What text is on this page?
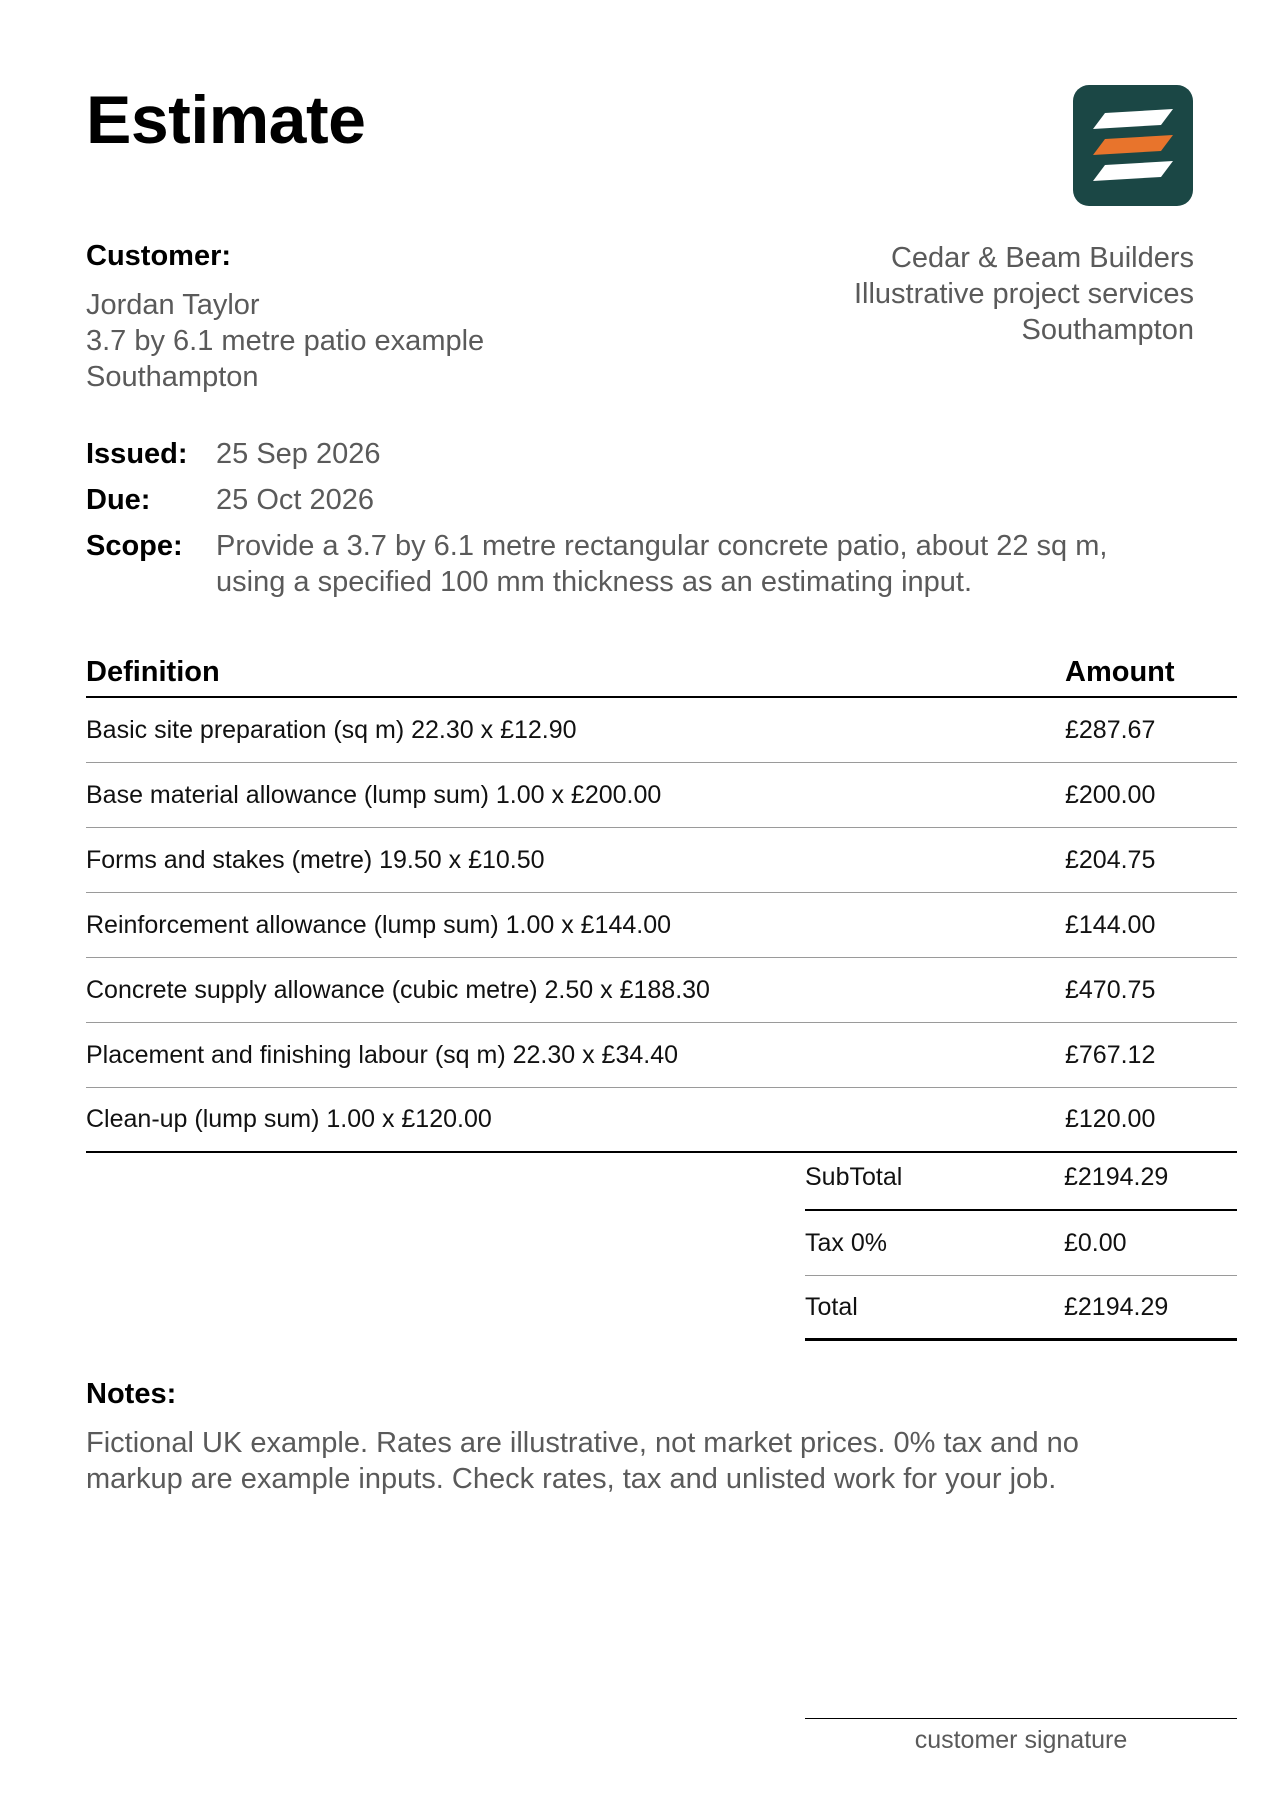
Estimate
Customer:
Jordan Taylor
3.7 by 6.1 metre patio example
Southampton
Cedar & Beam Builders
Illustrative project services
Southampton
Issued: 25 Sep 2026
Due:	25 Oct 2026
Scope:	Provide a 3.7 by 6.1 metre rectangular concrete patio, about 22 sq m,
using a specified 100 mm thickness as an estimating input.
Definition	Amount
Basic site preparation (sq m) 22.30 x £12.90	£287.67
Base material allowance (lump sum) 1.00 x £200.00	£200.00
Forms and stakes (metre) 19.50 x £10.50	£204.75
Reinforcement allowance (lump sum) 1.00 x £144.00	£144.00
Concrete supply allowance (cubic metre) 2.50 x £188.30	£470.75
Placement and finishing labour (sq m) 22.30 x £34.40	£767.12
Clean-up (lump sum) 1.00 x £120.00	£120.00
SubTotal	£2194.29
Tax 0%	£0.00
Total	£2194.29
Notes:
Fictional UK example. Rates are illustrative, not market prices. 0% tax and no
markup are example inputs. Check rates, tax and unlisted work for your job.
customer signature
